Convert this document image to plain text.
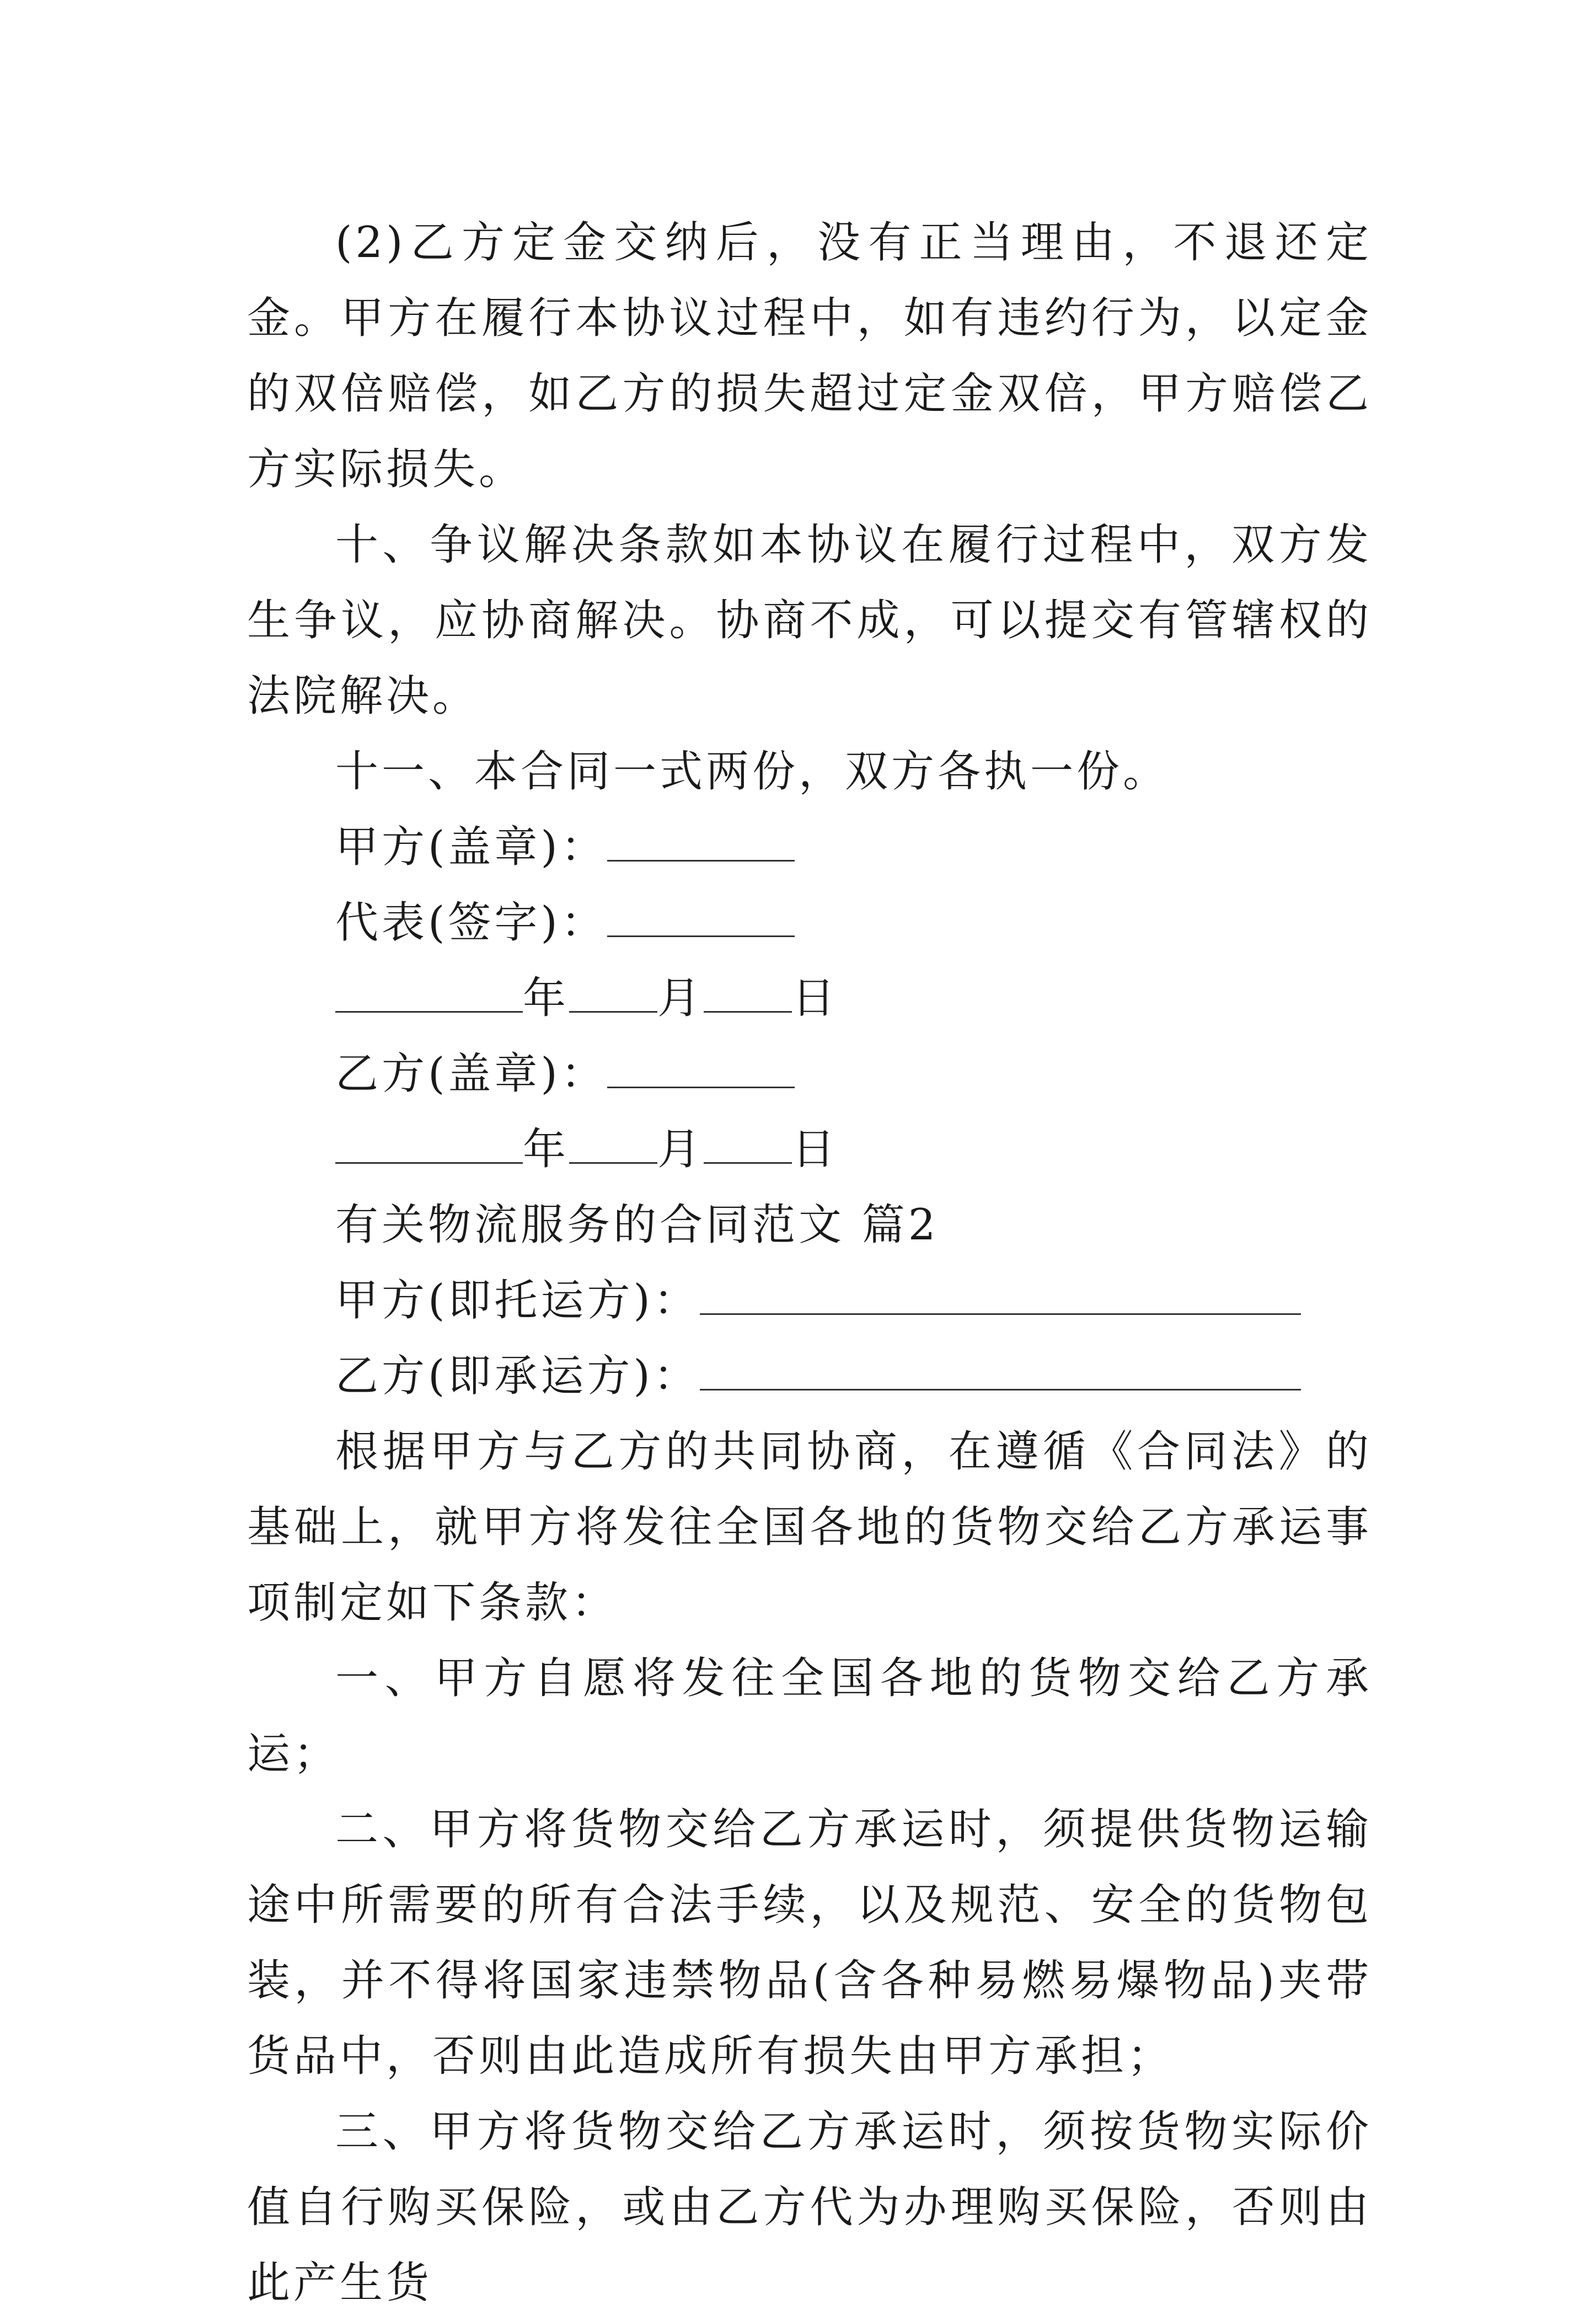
(2)乙方定金交纳后，没有正当理由，不退还定金。甲方在履行本协议过程中，如有违约行为，以定金的双倍赔偿，如乙方的损失超过定金双倍，甲方赔偿乙方实际损失。

十、争议解决条款如本协议在履行过程中，双方发生争议，应协商解决。协商不成，可以提交有管辖权的法院解决。

十一、本合同一式两份，双方各执一份。

甲方(盖章)：

代表(签字)：

年 月 日

乙方(盖章)：

年 月 日

有关物流服务的合同范文 篇2

甲方(即托运方)：

乙方(即承运方)：

根据甲方与乙方的共同协商，在遵循《合同法》的基础上，就甲方将发往全国各地的货物交给乙方承运事项制定如下条款：

一、甲方自愿将发往全国各地的货物交给乙方承运；

二、甲方将货物交给乙方承运时，须提供货物运输途中所需要的所有合法手续，以及规范、安全的货物包装，并不得将国家违禁物品(含各种易燃易爆物品)夹带货品中，否则由此造成所有损失由甲方承担；

三、甲方将货物交给乙方承运时，须按货物实际价值自行购买保险，或由乙方代为办理购买保险，否则由此产生货
